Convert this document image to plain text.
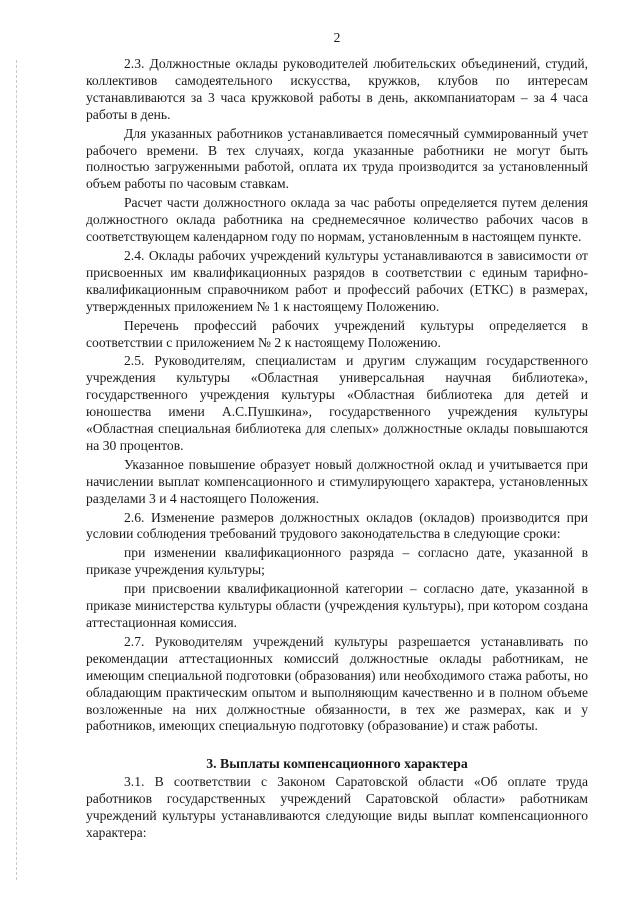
2

2.3. Должностные оклады руководителей любительских объединений, студий, коллективов самодеятельного искусства, кружков, клубов по интересам устанавливаются за 3 часа кружковой работы в день, аккомпаниаторам – за 4 часа работы в день.

Для указанных работников устанавливается помесячный суммированный учет рабочего времени. В тех случаях, когда указанные работники не могут быть полностью загруженными работой, оплата их труда производится за установленный объем работы по часовым ставкам.

Расчет части должностного оклада за час работы определяется путем деления должностного оклада работника на среднемесячное количество рабочих часов в соответствующем календарном году по нормам, установленным в настоящем пункте.

2.4. Оклады рабочих учреждений культуры устанавливаются в зависимости от присвоенных им квалификационных разрядов в соответствии с единым тарифно-квалификационным справочником работ и профессий рабочих (ЕТКС) в размерах, утвержденных приложением № 1 к настоящему Положению.

Перечень профессий рабочих учреждений культуры определяется в соответствии с приложением № 2 к настоящему Положению.

2.5. Руководителям, специалистам и другим служащим государственного учреждения культуры «Областная универсальная научная библиотека», государственного учреждения культуры «Областная библиотека для детей и юношества имени А.С.Пушкина», государственного учреждения культуры «Областная специальная библиотека для слепых» должностные оклады повышаются на 30 процентов.

Указанное повышение образует новый должностной оклад и учитывается при начислении выплат компенсационного и стимулирующего характера, установленных разделами 3 и 4 настоящего Положения.

2.6. Изменение размеров должностных окладов (окладов) производится при условии соблюдения требований трудового законодательства в следующие сроки:

при изменении квалификационного разряда – согласно дате, указанной в приказе учреждения культуры;

при присвоении квалификационной категории – согласно дате, указанной в приказе министерства культуры области (учреждения культуры), при котором создана аттестационная комиссия.

2.7. Руководителям учреждений культуры разрешается устанавливать по рекомендации аттестационных комиссий должностные оклады работникам, не имеющим специальной подготовки (образования) или необходимого стажа работы, но обладающим практическим опытом и выполняющим качественно и в полном объеме возложенные на них должностные обязанности, в тех же размерах, как и у работников, имеющих специальную подготовку (образование) и стаж работы.

3. Выплаты компенсационного характера

3.1. В соответствии с Законом Саратовской области «Об оплате труда работников государственных учреждений Саратовской области» работникам учреждений культуры устанавливаются следующие виды выплат компенсационного характера:
